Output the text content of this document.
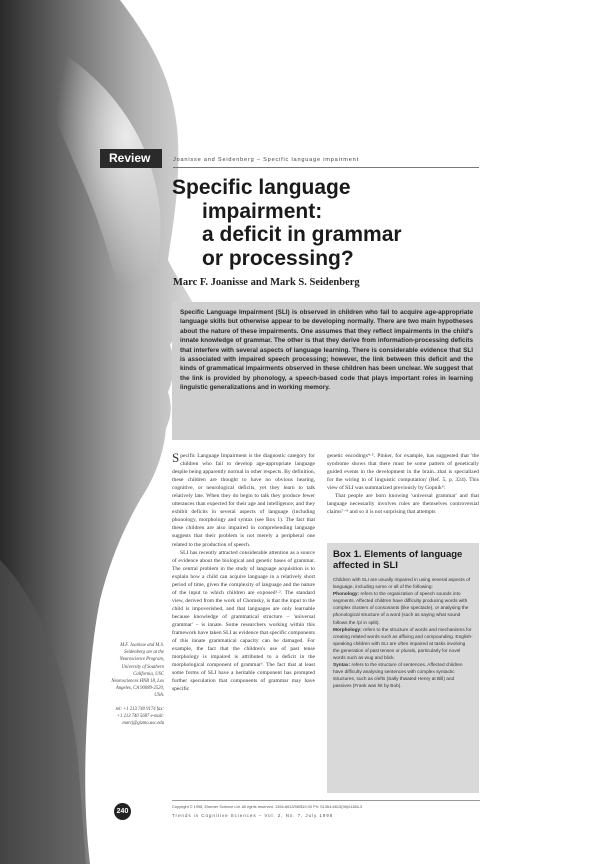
Review	Joanisse and Seidenberg – Specific language impairment
Specific language
impairment:
a deficit in grammar
or processing?
Marc F. Joanisse and Mark S. Seidenberg
Specific Language Impairment (SLI) is observed in children who fail to acquire age-appropriate language skills but otherwise appear to be developing normally. There are two main hypotheses about the nature of these impairments. One assumes that they reflect impairments in the child's innate knowledge of grammar. The other is that they derive from information-processing deficits that interfere with several aspects of language learning. There is considerable evidence that SLI is associated with impaired speech processing; however, the link between this deficit and the kinds of grammatical impairments observed in these children has been unclear. We suggest that the link is provided by phonology, a speech-based code that plays important roles in learning linguistic generalizations and in working memory.

Specific Language Impairment is the diagnostic category for children who fail to develop age-appropriate language despite being apparently normal in other respects. By definition, these children are thought to have no obvious hearing, cognitive, or neurological deficits, yet they learn to talk relatively late. When they do begin to talk they produce fewer utterances than expected for their age and intelligence; and they exhibit deficits in several aspects of language (including phonology, morphology and syntax (see Box 1). The fact that these children are also impaired in comprehending language suggests that their problem is not merely a peripheral one related to the production of speech.

SLI has recently attracted considerable attention as a source of evidence about the biological and genetic bases of grammar. The central problem in the study of language acquisition is to explain how a child can acquire language in a relatively short period of time, given the complexity of language and the nature of the input to which children are exposed¹·². The standard view, derived from the work of Chomsky, is that the input to the child is impoverished, and that languages are only learnable because knowledge of grammatical structure – 'universal grammar' – is innate. Some researchers working within this framework have taken SLI as evidence that specific components of this innate grammatical capacity can be damaged. For example, the fact that the children's use of past tense morphology is impaired is attributed to a deficit in the morphological component of grammar³. The fact that at least some forms of SLI have a heritable component has prompted further speculation that components of grammar may have specific

genetic encodings⁴·⁵. Pinker, for example, has suggested that 'the syndrome shows that there must be some pattern of genetically guided events in the development in the brain...that is specialized for the wiring in of linguistic computation' (Ref. 5, p. 324). This view of SLI was summarized previously by Gopnik⁶:

That people are born knowing 'universal grammar' and that language necessarily involves rules are themselves controversial claims⁷⁻⁹ and so it is not surprising that attempts

M.F. Joanisse and M.S. Seidenberg are at the Neuroscience Program, University of Southern California, USC Neurosciences HNB 18, Los Angeles, CA 90089-2520, USA.
tel: +1 213 740 9174 fax: +1 213 740 5687 e-mail: marcj@gizmo.usc.edu
Box 1. Elements of language affected in SLI

Children with SLI are usually impaired in using several aspects of language, including some or all of the following:

Phonology: refers to the organization of speech sounds into segments. Affected children have difficulty producing words with complex clusters of consonants (like spectacle), or analysing the phonological structure of a word (such as saying what sound follows the /p/ in split).

Morphology: refers to the structure of words and mechanisms for creating related words such as affixing and compounding. English-speaking children with SLI are often impaired at tasks involving the generation of past tenses or plurals, particularly for novel words such as wug and blick.

Syntax: refers to the structure of sentences. Affected children have difficulty analysing sentences with complex syntactic structures, such as clefts (Sally thwated Henry at Bill) and passives (Frank was hit by Bob).

240
Copyright © 1998, Elsevier Science Ltd. All rights reserved. 1364-6613/98/$19.00 PII: S1364-6613(98)01186-3
Trends in Cognitive Sciences – Vol. 2, No. 7, July 1998
